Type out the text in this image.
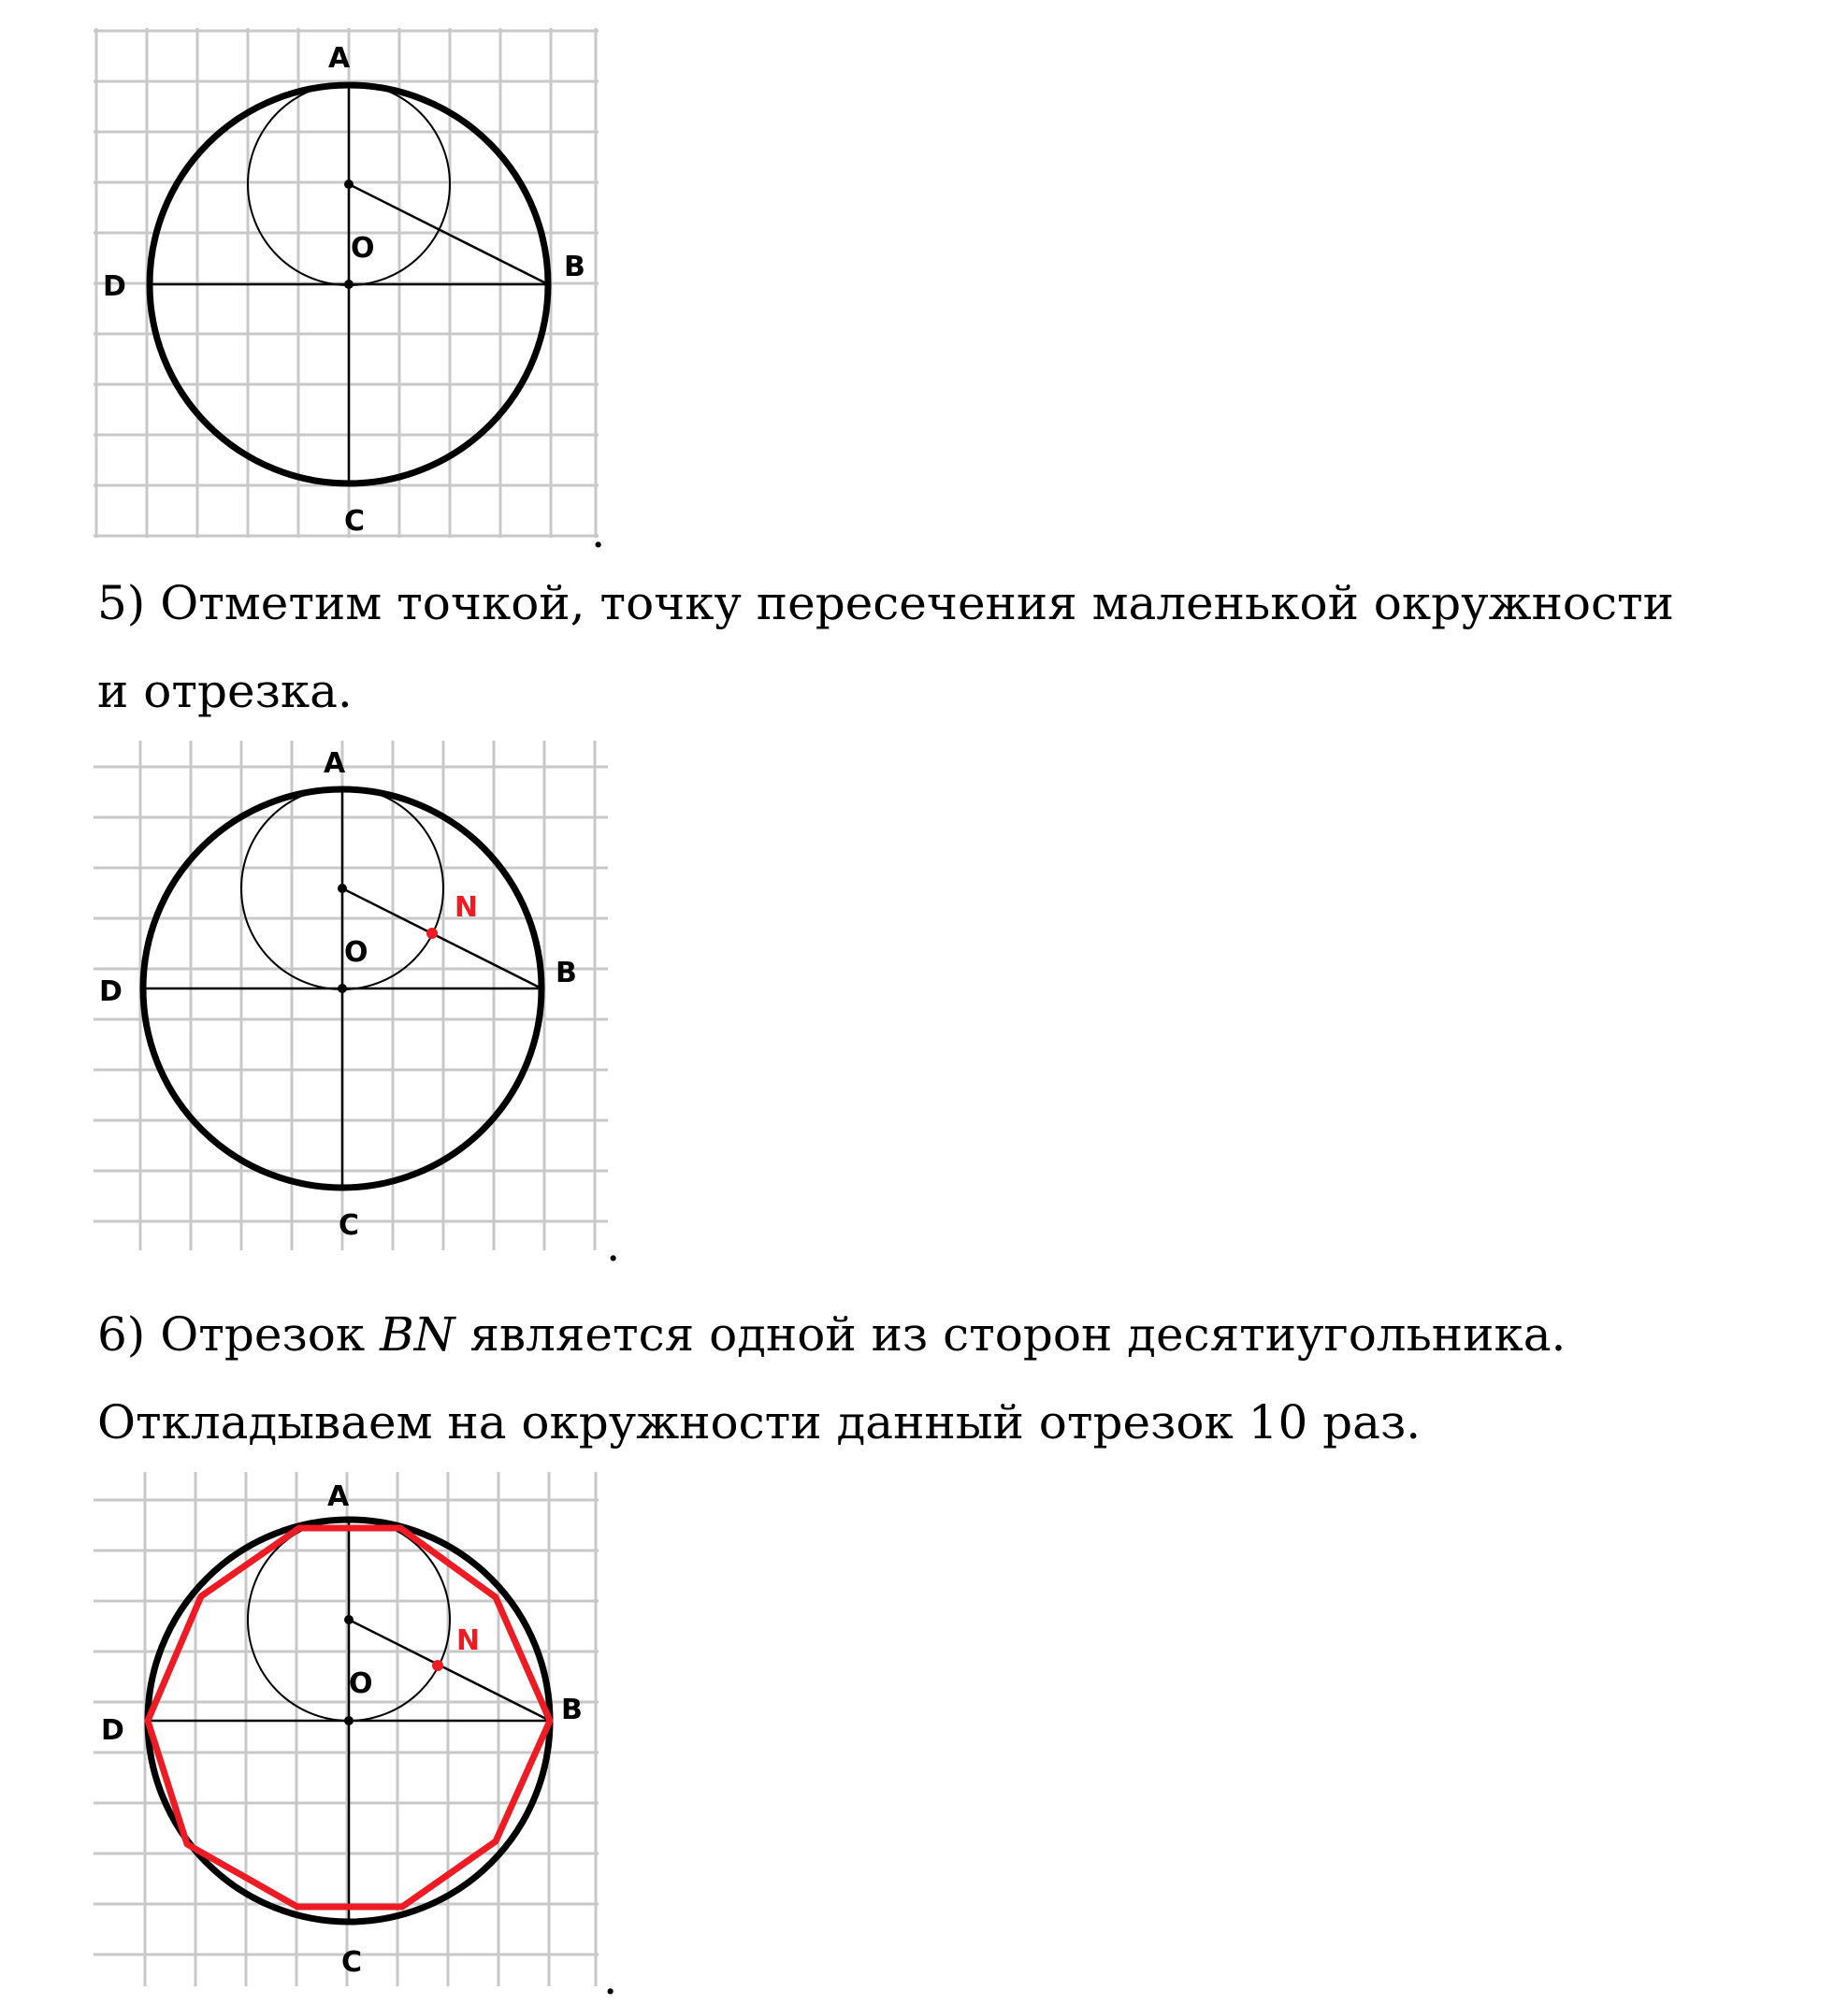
A
B
C
D
O
.
5) Отметим точкой, точку пересечения маленькой окружности
и отрезка.
A
B
C
D
O
N
.
6) Отрезок BN является одной из сторон десятиугольника.
Откладываем на окружности данный отрезок 10 раз.
A
B
C
D
O
N
.
